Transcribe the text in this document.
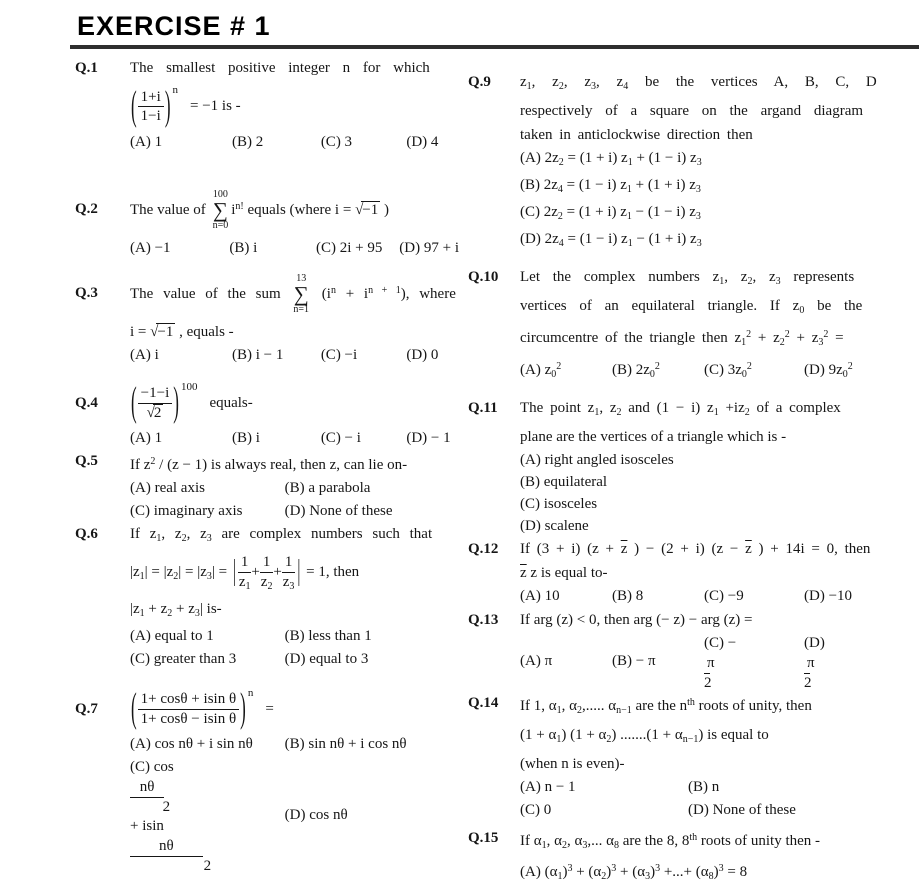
EXERCISE # 1
Q.1	The smallest positive integer n for which
( $\frac{1+i}{1-i}$ ) n= −1 is -
(A) 1	(B) 2	(C) 3	(D) 4
Q.2	The value of
100
∑
n=0
$i^{n!}$ equals (where i = √−1 )
(A) −1	(B) i	(C) 2i + 95	(D) 97 + i
Q.3	The value of the sum
13
∑
n=1
$(i^n + i^{n + 1})$, where
i = √−1 , equals -
(A) i	(B) i − 1	(C) −i	(D) 0
Q.4	( $\frac{-1-i}{√2}$ ) 100equals-
(A) 1	(B) i	(C) − i	(D) − 1
Q.5	If $z^2 / (z - 1)$ is always real, then z, can lie on-
(A) real axis	(B) a parabola
(C) imaginary axis	(D) None of these
Q.6	If $z_1$, $z_2$, $z_3$ are complex numbers such that
$|z_1| = |z_2| = |z_3|$ = | $\frac{1}{z_1} + \frac{1}{z_2} + \frac{1}{z_3}$ | = 1, then
$|z_1 + z_2 + z_3|$ is-
(A) equal to 1	(B) less than 1
(C) greater than 3	(D) equal to 3
Q.7	( $\frac{\text{1+ cosθ + isin θ}}{\text{1+ cosθ − isin θ}}$ ) n=
(A) cos nθ + i sin nθ	(B) sin nθ + i cos nθ
(C) cos
nθ
2
+ isin
nθ
2
(D) cos nθ
Q.9	$z_1$, $z_2$, $z_3$, $z_4$ be the vertices A, B, C, D
respectively of a square on the argand diagram
taken in anticlockwise direction then
(A) $2z_2 = (1 + i) z_1 + (1 - i)$ $z_3$
(B) $2z_4 = (1 - i) z_1 + (1 + i)$ $z_3$
(C) $2z_2 = (1 + i) z_1 - (1 - i)$ $z_3$
(D) $2z_4 = (1 - i) z_1 - (1 + i)$ $z_3$
Q.10	Let the complex numbers $z_1$, $z_2$, $z_3$ represents
vertices of an equilateral triangle. If $z_0$ be the
circumcentre of the triangle then $z_1^2 + z_2^2 + z_3^2$ =
(A) $z_0^2$	(B) $2z_0^2$	(C) $3z_0^2$	(D) $9z_0^2$
Q.11	The point $z_1$, $z_2$ and (1 − i) $z_1 +iz_2$ of a complex
plane are the vertices of a triangle which is -
(A) right angled isosceles
(B) equilateral
(C) isosceles
(D) scalene
Q.12	If (3 + i) ($z + \overline{z}$ ) − (2 + i) ($z - \overline{z}$ ) + 14i = 0, then
$\overline{z}$ z is equal to-
(A) 10	(B) 8	(C) −9	(D) −10
Q.13	If arg (z) < 0, then arg (− z) − arg (z) =
(A) π	(B) − π
(C) −
π
2
(D)
π
2
Q.14	If 1, $\alpha_1$, $\alpha_2$,..... $\alpha_{n-1}$ are the $n^{th}$ roots of unity, then
$(1 + \alpha_1)$ $(1 + \alpha_2)$ $.......(1 + \alpha_{n-1})$ is equal to
(when n is even)-
(A) n − 1	(B) n
(C) 0	(D) None of these
Q.15	If $\alpha_1$, $\alpha_2$, $\alpha_3$,... $\alpha_8$ are the 8, 8th roots of unity then -
(A) $(\alpha_1)^3 + (\alpha_2)^3 + (\alpha_3)^3$ +...+ $(\alpha_8)^3 = 8$
